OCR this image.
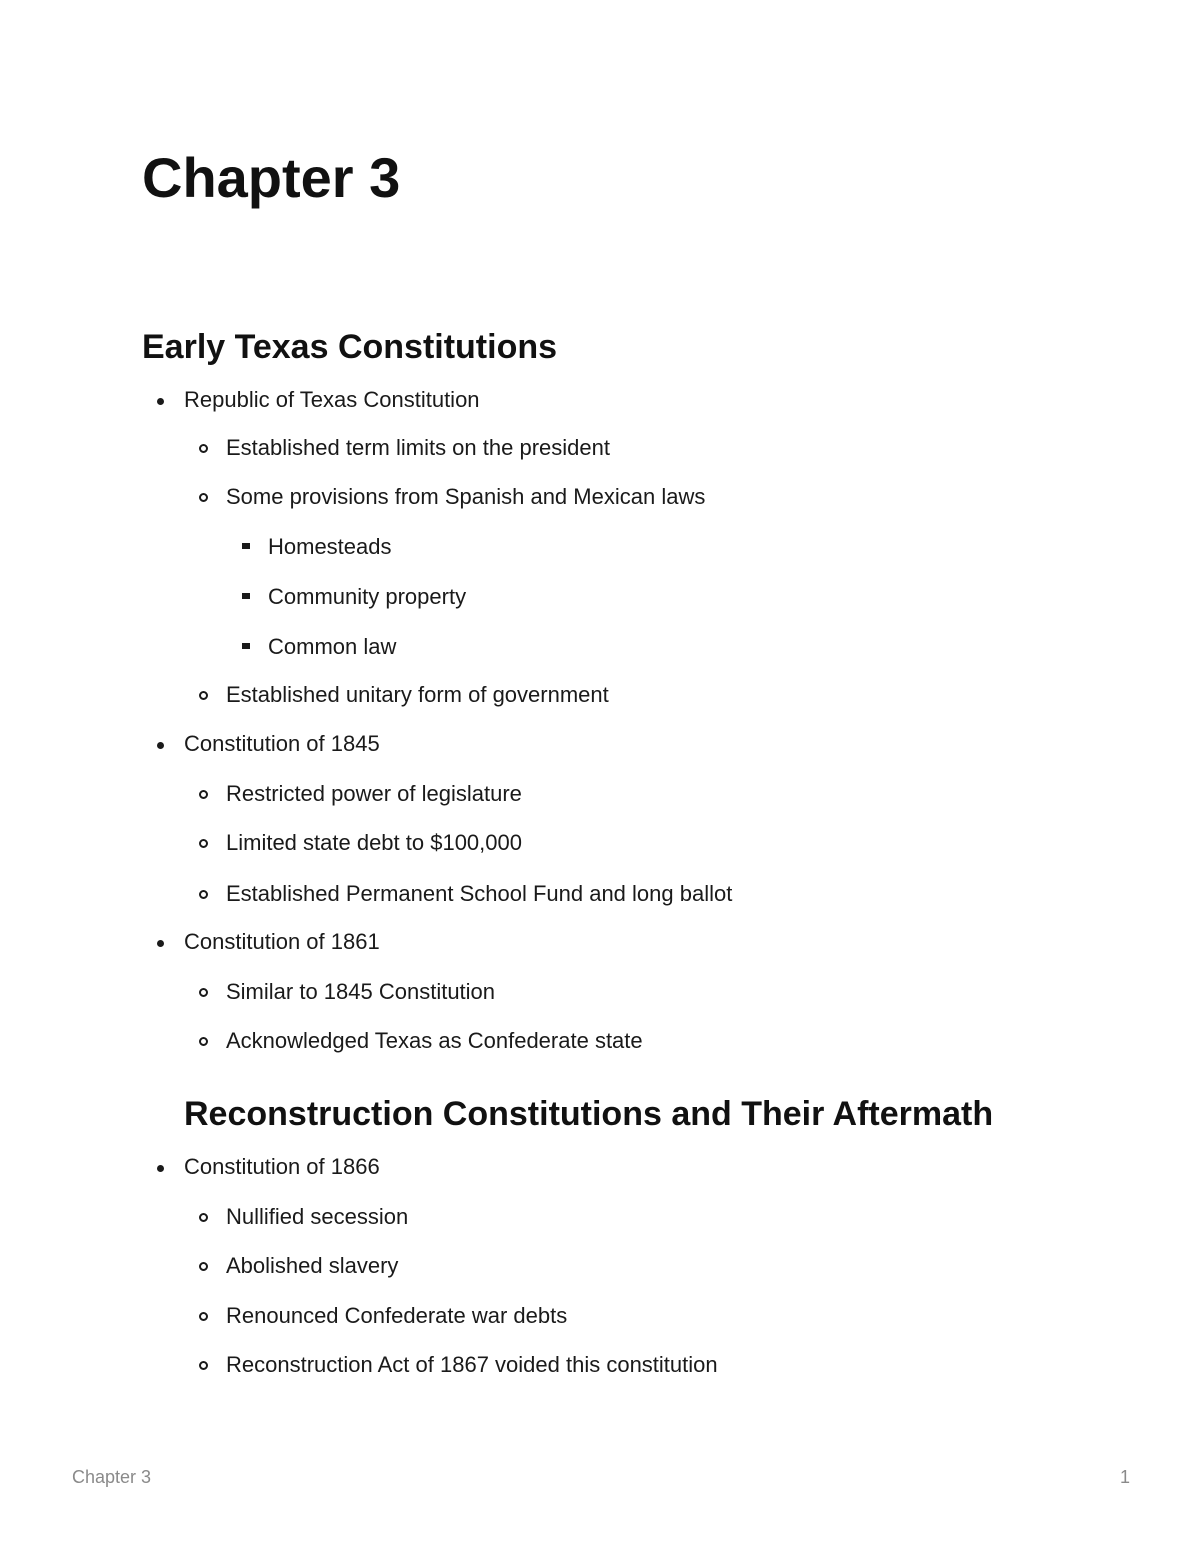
Chapter 3
Early Texas Constitutions
Republic of Texas Constitution
Established term limits on the president
Some provisions from Spanish and Mexican laws
Homesteads
Community property
Common law
Established unitary form of government
Constitution of 1845
Restricted power of legislature
Limited state debt to $100,000
Established Permanent School Fund and long ballot
Constitution of 1861
Similar to 1845 Constitution
Acknowledged Texas as Confederate state
Reconstruction Constitutions and Their Aftermath
Constitution of 1866
Nullified secession
Abolished slavery
Renounced Confederate war debts
Reconstruction Act of 1867 voided this constitution
Chapter 3	1
